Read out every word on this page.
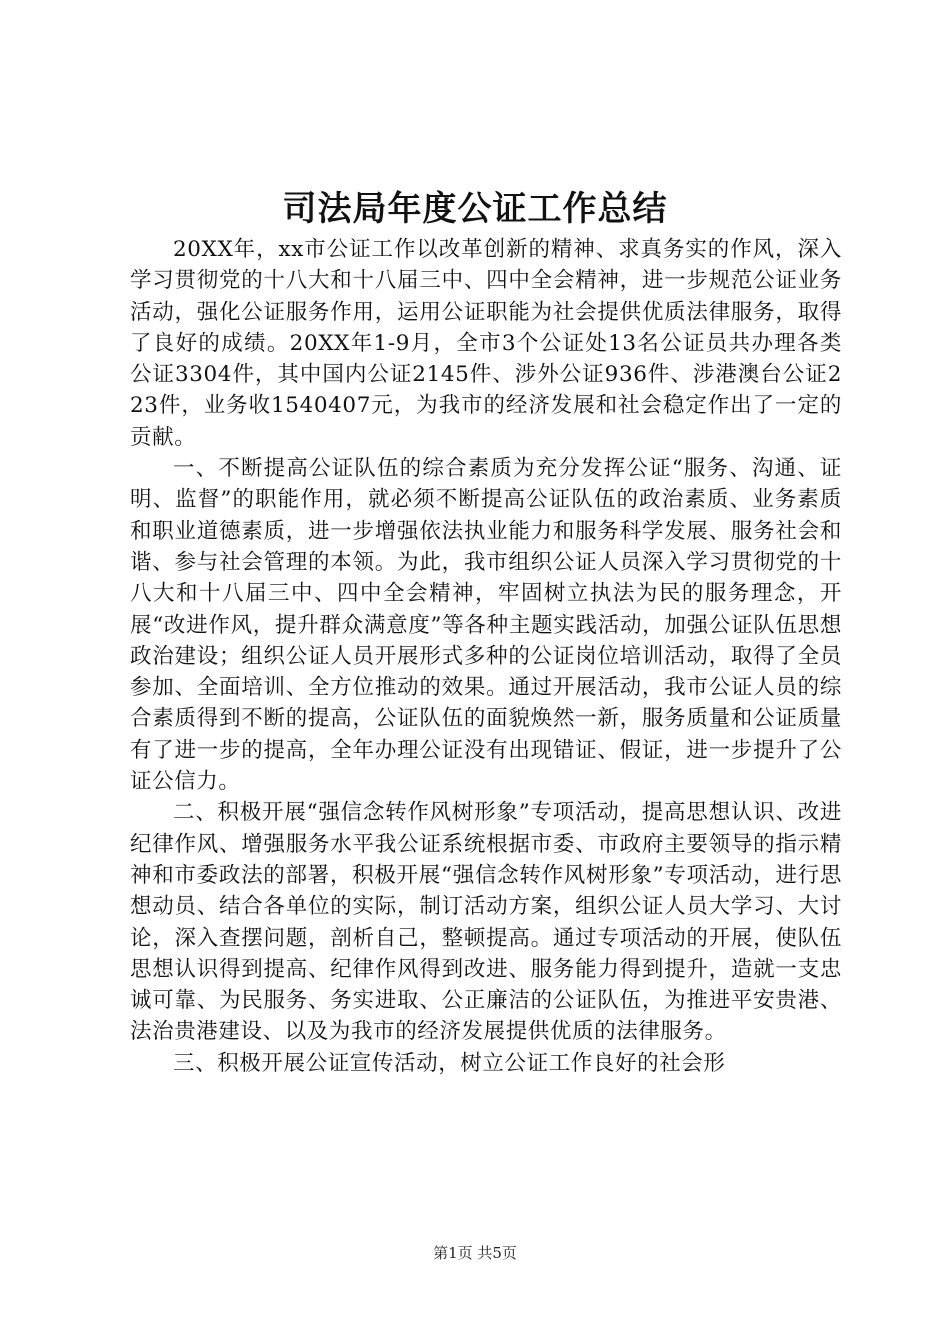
司法局年度公证工作总结

20XX年，xx市公证工作以改革创新的精神、求真务实的作风，深入学习贯彻党的十八大和十八届三中、四中全会精神，进一步规范公证业务活动，强化公证服务作用，运用公证职能为社会提供优质法律服务，取得了良好的成绩。20XX年1-9月，全市3个公证处13名公证员共办理各类公证3304件，其中国内公证2145件、涉外公证936件、涉港澳台公证223件，业务收1540407元，为我市的经济发展和社会稳定作出了一定的贡献。

一、不断提高公证队伍的综合素质为充分发挥公证“服务、沟通、证明、监督”的职能作用，就必须不断提高公证队伍的政治素质、业务素质和职业道德素质，进一步增强依法执业能力和服务科学发展、服务社会和谐、参与社会管理的本领。为此，我市组织公证人员深入学习贯彻党的十八大和十八届三中、四中全会精神，牢固树立执法为民的服务理念，开展“改进作风，提升群众满意度”等各种主题实践活动，加强公证队伍思想政治建设；组织公证人员开展形式多种的公证岗位培训活动，取得了全员参加、全面培训、全方位推动的效果。通过开展活动，我市公证人员的综合素质得到不断的提高，公证队伍的面貌焕然一新，服务质量和公证质量有了进一步的提高，全年办理公证没有出现错证、假证，进一步提升了公证公信力。

二、积极开展“强信念转作风树形象”专项活动，提高思想认识、改进纪律作风、增强服务水平我公证系统根据市委、市政府主要领导的指示精神和市委政法的部署，积极开展“强信念转作风树形象”专项活动，进行思想动员、结合各单位的实际，制订活动方案，组织公证人员大学习、大讨论，深入查摆问题，剖析自己，整顿提高。通过专项活动的开展，使队伍思想认识得到提高、纪律作风得到改进、服务能力得到提升，造就一支忠诚可靠、为民服务、务实进取、公正廉洁的公证队伍，为推进平安贵港、法治贵港建设、以及为我市的经济发展提供优质的法律服务。

三、积极开展公证宣传活动，树立公证工作良好的社会形

第1页 共5页
